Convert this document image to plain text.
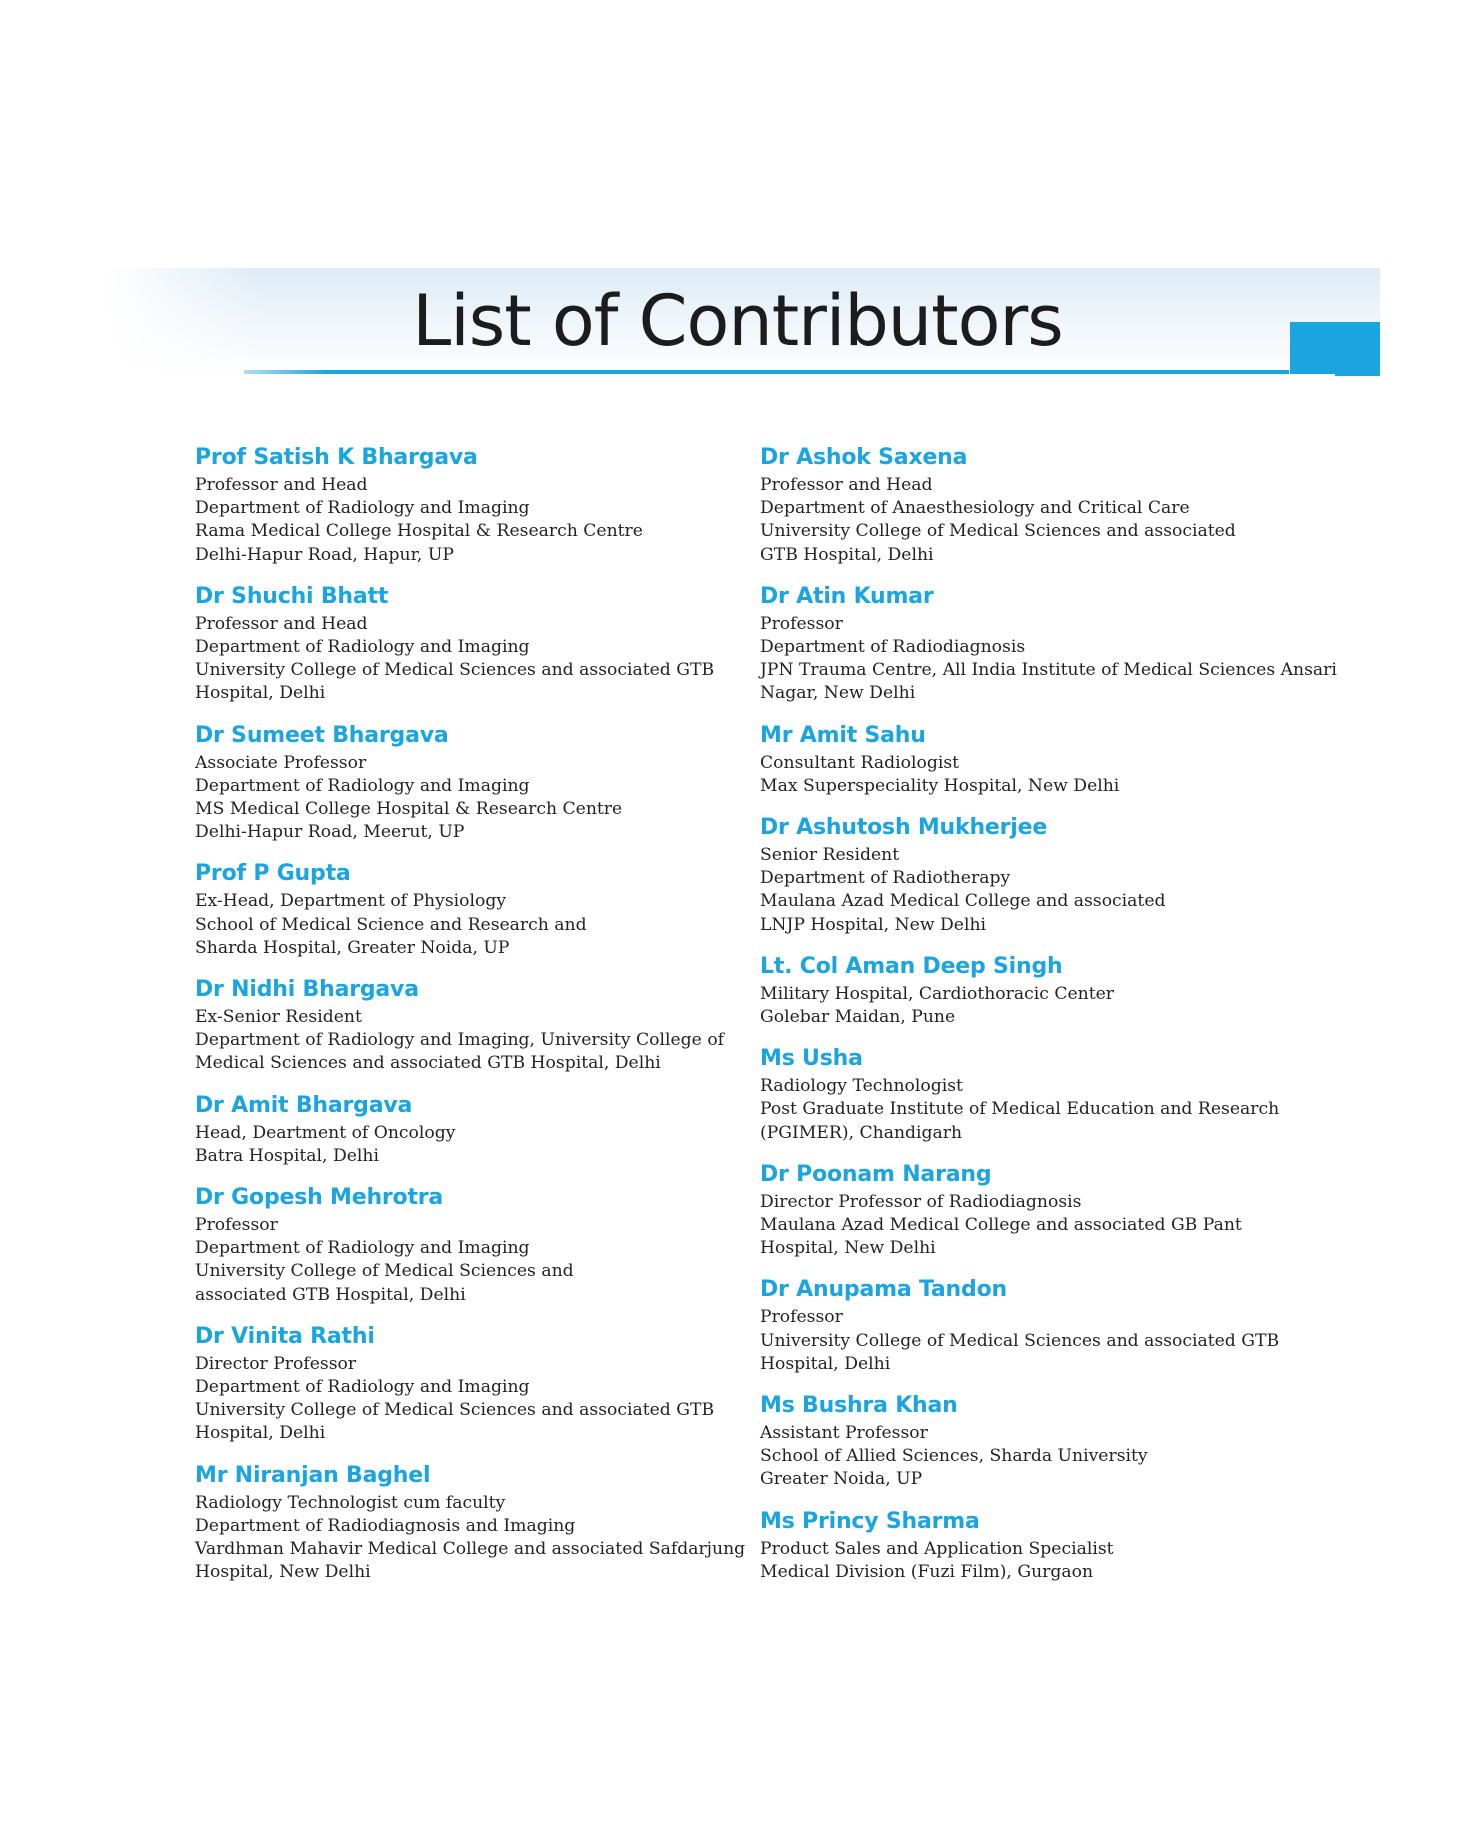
List of Contributors

Prof Satish K Bhargava

Professor and Head

Department of Radiology and Imaging

Rama Medical College Hospital & Research Centre

Delhi-Hapur Road, Hapur, UP

Dr Shuchi Bhatt

Professor and Head

Department of Radiology and Imaging

University College of Medical Sciences and associated GTB

Hospital, Delhi

Dr Sumeet Bhargava

Associate Professor

Department of Radiology and Imaging

MS Medical College Hospital & Research Centre

Delhi-Hapur Road, Meerut, UP

Prof P Gupta

Ex-Head, Department of Physiology

School of Medical Science and Research and

Sharda Hospital, Greater Noida, UP

Dr Nidhi Bhargava

Ex-Senior Resident

Department of Radiology and Imaging, University College of

Medical Sciences and associated GTB Hospital, Delhi

Dr Amit Bhargava

Head, Deartment of Oncology

Batra Hospital, Delhi

Dr Gopesh Mehrotra

Professor

Department of Radiology and Imaging

University College of Medical Sciences and

associated GTB Hospital, Delhi

Dr Vinita Rathi

Director Professor

Department of Radiology and Imaging

University College of Medical Sciences and associated GTB

Hospital, Delhi

Mr Niranjan Baghel

Radiology Technologist cum faculty

Department of Radiodiagnosis and Imaging

Vardhman Mahavir Medical College and associated Safdarjung

Hospital, New Delhi

Dr Ashok Saxena

Professor and Head

Department of Anaesthesiology and Critical Care

University College of Medical Sciences and associated

GTB Hospital, Delhi

Dr Atin Kumar

Professor

Department of Radiodiagnosis

JPN Trauma Centre, All India Institute of Medical Sciences Ansari

Nagar, New Delhi

Mr Amit Sahu

Consultant Radiologist

Max Superspeciality Hospital, New Delhi

Dr Ashutosh Mukherjee

Senior Resident

Department of Radiotherapy

Maulana Azad Medical College and associated

LNJP Hospital, New Delhi

Lt. Col Aman Deep Singh

Military Hospital, Cardiothoracic Center

Golebar Maidan, Pune

Ms Usha

Radiology Technologist

Post Graduate Institute of Medical Education and Research

(PGIMER), Chandigarh

Dr Poonam Narang

Director Professor of Radiodiagnosis

Maulana Azad Medical College and associated GB Pant

Hospital, New Delhi

Dr Anupama Tandon

Professor

University College of Medical Sciences and associated GTB

Hospital, Delhi

Ms Bushra Khan

Assistant Professor

School of Allied Sciences, Sharda University

Greater Noida, UP

Ms Princy Sharma

Product Sales and Application Specialist

Medical Division (Fuzi Film), Gurgaon
